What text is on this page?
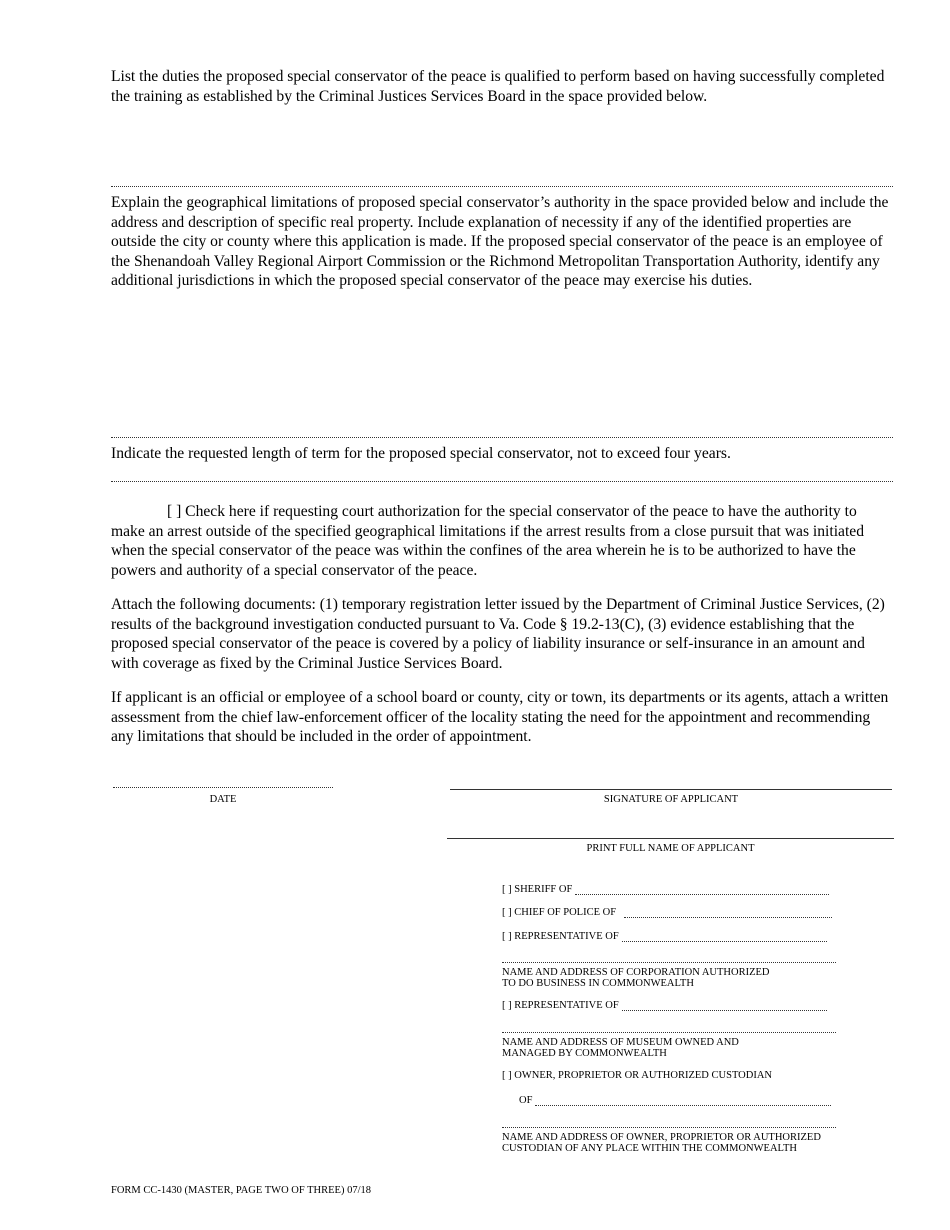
List the duties the proposed special conservator of the peace is qualified to perform based on having successfully completed the training as established by the Criminal Justices Services Board in the space provided below.

Explain the geographical limitations of proposed special conservator’s authority in the space provided below and include the address and description of specific real property. Include explanation of necessity if any of the identified properties are outside the city or county where this application is made. If the proposed special conservator of the peace is an employee of the Shenandoah Valley Regional Airport Commission or the Richmond Metropolitan Transportation Authority, identify any additional jurisdictions in which the proposed special conservator of the peace may exercise his duties.

Indicate the requested length of term for the proposed special conservator, not to exceed four years.

[ ] Check here if requesting court authorization for the special conservator of the peace to have the authority to make an arrest outside of the specified geographical limitations if the arrest results from a close pursuit that was initiated when the special conservator of the peace was within the confines of the area wherein he is to be authorized to have the powers and authority of a special conservator of the peace.

Attach the following documents: (1) temporary registration letter issued by the Department of Criminal Justice Services, (2) results of the background investigation conducted pursuant to Va. Code § 19.2-13(C), (3) evidence establishing that the proposed special conservator of the peace is covered by a policy of liability insurance or self-insurance in an amount and with coverage as fixed by the Criminal Justice Services Board.

If applicant is an official or employee of a school board or county, city or town, its departments or its agents, attach a written assessment from the chief law-enforcement officer of the locality stating the need for the appointment and recommending any limitations that should be included in the order of appointment.

DATE	SIGNATURE OF APPLICANT
PRINT FULL NAME OF APPLICANT
[ ] SHERIFF OF
[ ] CHIEF OF POLICE OF
[ ] REPRESENTATIVE OF
NAME AND ADDRESS OF CORPORATION AUTHORIZED
TO DO BUSINESS IN COMMONWEALTH
[ ] REPRESENTATIVE OF
NAME AND ADDRESS OF MUSEUM OWNED AND
MANAGED BY COMMONWEALTH
[ ] OWNER, PROPRIETOR OR AUTHORIZED CUSTODIAN
OF
NAME AND ADDRESS OF OWNER, PROPRIETOR OR AUTHORIZED
CUSTODIAN OF ANY PLACE WITHIN THE COMMONWEALTH
FORM CC-1430 (MASTER, PAGE TWO OF THREE) 07/18
